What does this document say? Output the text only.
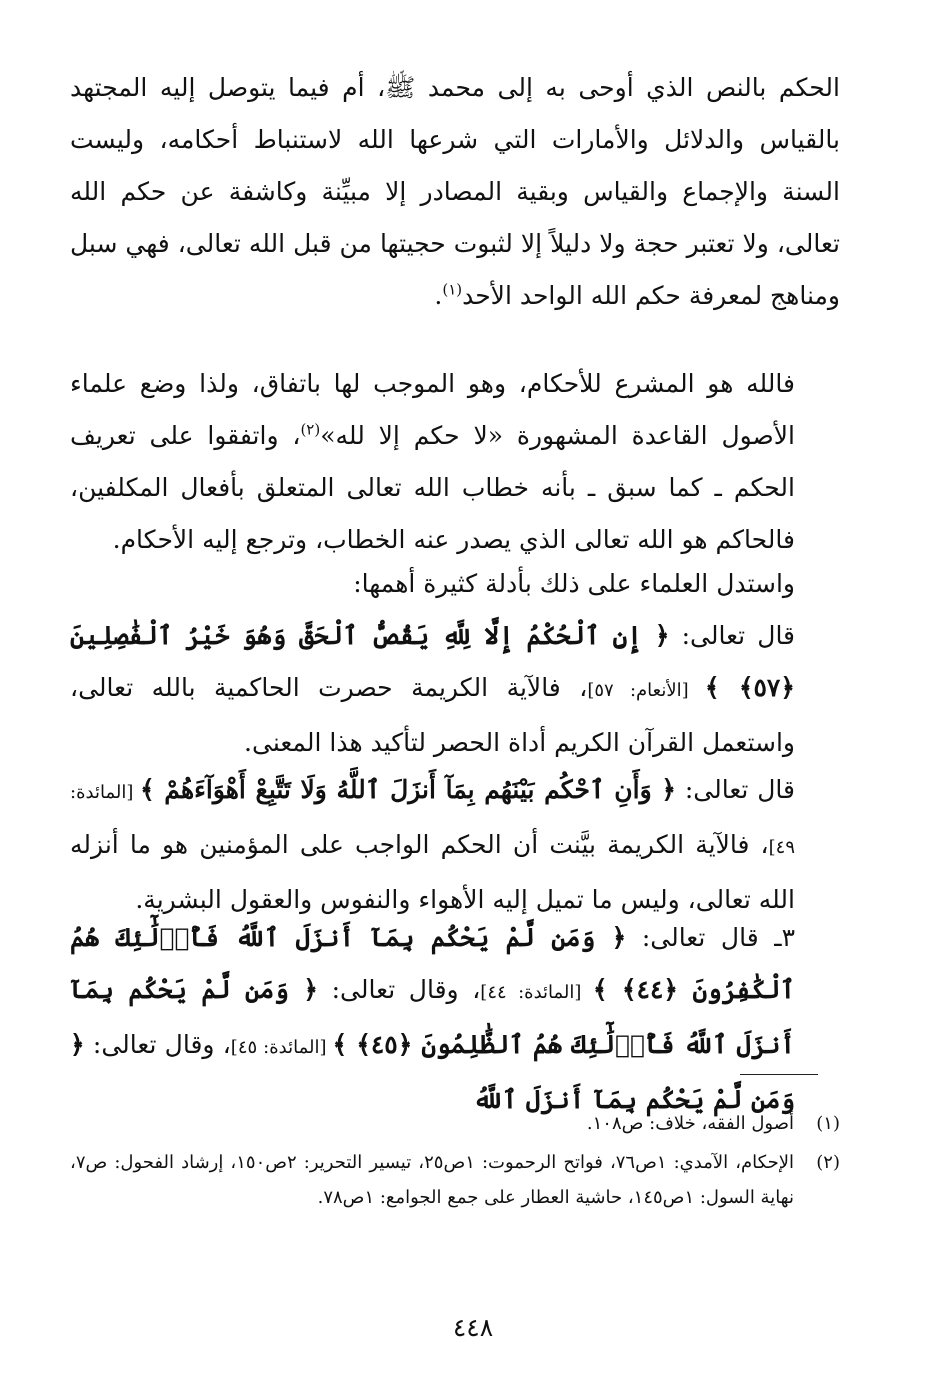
الحكم بالنص الذي أوحى به إلى محمد ﷺ، أم فيما يتوصل إليه المجتهد بالقياس والدلائل والأمارات التي شرعها الله لاستنباط أحكامه، وليست السنة والإجماع والقياس وبقية المصادر إلا مبيِّنة وكاشفة عن حكم الله تعالى، ولا تعتبر حجة ولا دليلاً إلا لثبوت حجيتها من قبل الله تعالى، فهي سبل ومناهج لمعرفة حكم الله الواحد الأحد$^{(١)}$.

فالله هو المشرع للأحكام، وهو الموجب لها باتفاق، ولذا وضع علماء الأصول القاعدة المشهورة «لا حكم إلا لله»$^{(٢)}$، واتفقوا على تعريف الحكم ـ كما سبق ـ بأنه خطاب الله تعالى المتعلق بأفعال المكلفين، فالحاكم هو الله تعالى الذي يصدر عنه الخطاب، وترجع إليه الأحكام.

واستدل العلماء على ذلك بأدلة كثيرة أهمها:

قال تعالى: ﴿ إِنِ ٱلْحُكْمُ إِلَّا لِلَّهِ يَقُصُّ ٱلْحَقَّ وَهُوَ خَيْرُ ٱلْفَٰصِلِينَ ﴿٥٧﴾ ﴾ [الأنعام: ٥٧]، فالآية الكريمة حصرت الحاكمية بالله تعالى، واستعمل القرآن الكريم أداة الحصر لتأكيد هذا المعنى.

قال تعالى: ﴿ وَأَنِ ٱحْكُم بَيْنَهُم بِمَآ أَنزَلَ ٱللَّهُ وَلَا تَتَّبِعْ أَهْوَآءَهُمْ ﴾ [المائدة: ٤٩]، فالآية الكريمة بيَّنت أن الحكم الواجب على المؤمنين هو ما أنزله الله تعالى، وليس ما تميل إليه الأهواء والنفوس والعقول البشرية.

٣ـ قال تعالى: ﴿ وَمَن لَّمْ يَحْكُم بِمَآ أَنزَلَ ٱللَّهُ فَأُو۟لَٰٓئِكَ هُمُ ٱلْكَٰفِرُونَ ﴿٤٤﴾ ﴾ [المائدة: ٤٤]، وقال تعالى: ﴿ وَمَن لَّمْ يَحْكُم بِمَآ أَنزَلَ ٱللَّهُ فَأُو۟لَٰٓئِكَ هُمُ ٱلظَّٰلِمُونَ ﴿٤٥﴾ ﴾ [المائدة: ٤٥]، وقال تعالى: ﴿ وَمَن لَّمْ يَحْكُم بِمَآ أَنزَلَ ٱللَّهُ

(١)
أصول الفقه، خلاف: ص١٠٨.
(٢)
الإحكام، الآمدي: ١ص٧٦، فواتح الرحموت: ١ص٢٥، تيسير التحرير: ٢ص١٥٠، إرشاد الفحول: ص٧، نهاية السول: ١ص١٤٥، حاشية العطار على جمع الجوامع: ١ص٧٨.
٤٤٨
